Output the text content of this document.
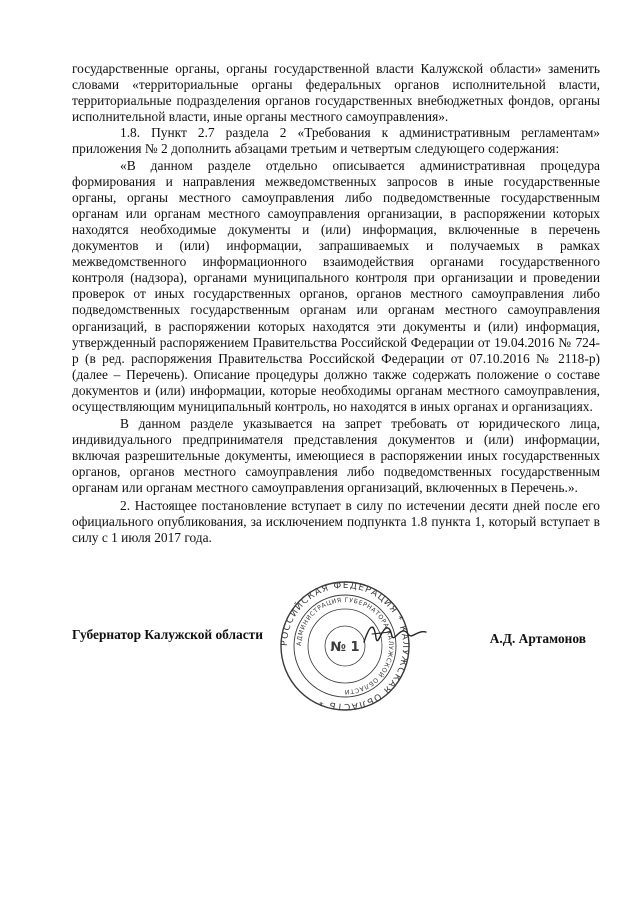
государственные органы, органы государственной власти Калужской области» заменить словами «территориальные органы федеральных органов исполнительной власти, территориальные подразделения органов государственных внебюджетных фондов, органы исполнительной власти, иные органы местного самоуправления».

1.8. Пункт 2.7 раздела 2 «Требования к административным регламентам» приложения № 2 дополнить абзацами третьим и четвертым следующего содержания:

«В данном разделе отдельно описывается административная процедура формирования и направления межведомственных запросов в иные государственные органы, органы местного самоуправления либо подведомственные государственным органам или органам местного самоуправления организации, в распоряжении которых находятся необходимые документы и (или) информация, включенные в перечень документов и (или) информации, запрашиваемых и получаемых в рамках межведомственного информационного взаимодействия органами государственного контроля (надзора), органами муниципального контроля при организации и проведении проверок от иных государственных органов, органов местного самоуправления либо подведомственных государственным органам или органам местного самоуправления организаций, в распоряжении которых находятся эти документы и (или) информация, утвержденный распоряжением Правительства Российской Федерации от 19.04.2016 № 724-р (в ред. распоряжения Правительства Российской Федерации от 07.10.2016 № 2118-р) (далее – Перечень). Описание процедуры должно также содержать положение о составе документов и (или) информации, которые необходимы органам местного самоуправления, осуществляющим муниципальный контроль, но находятся в иных органах и организациях.

В данном разделе указывается на запрет требовать от юридического лица, индивидуального предпринимателя представления документов и (или) информации, включая разрешительные документы, имеющиеся в распоряжении иных государственных органов, органов местного самоуправления либо подведомственных государственным органам или органам местного самоуправления организаций, включенных в Перечень.».

2. Настоящее постановление вступает в силу по истечении десяти дней после его официального опубликования, за исключением подпункта 1.8 пункта 1, который вступает в силу с 1 июля 2017 года.

РОССИЙСКАЯ ФЕДЕРАЦИЯ * КАЛУЖСКАЯ ОБЛАСТЬ *
АДМИНИСТРАЦИЯ ГУБЕРНАТОРА КАЛУЖСКОЙ ОБЛАСТИ
№ 1
Губернатор Калужской области	А.Д. Артамонов
